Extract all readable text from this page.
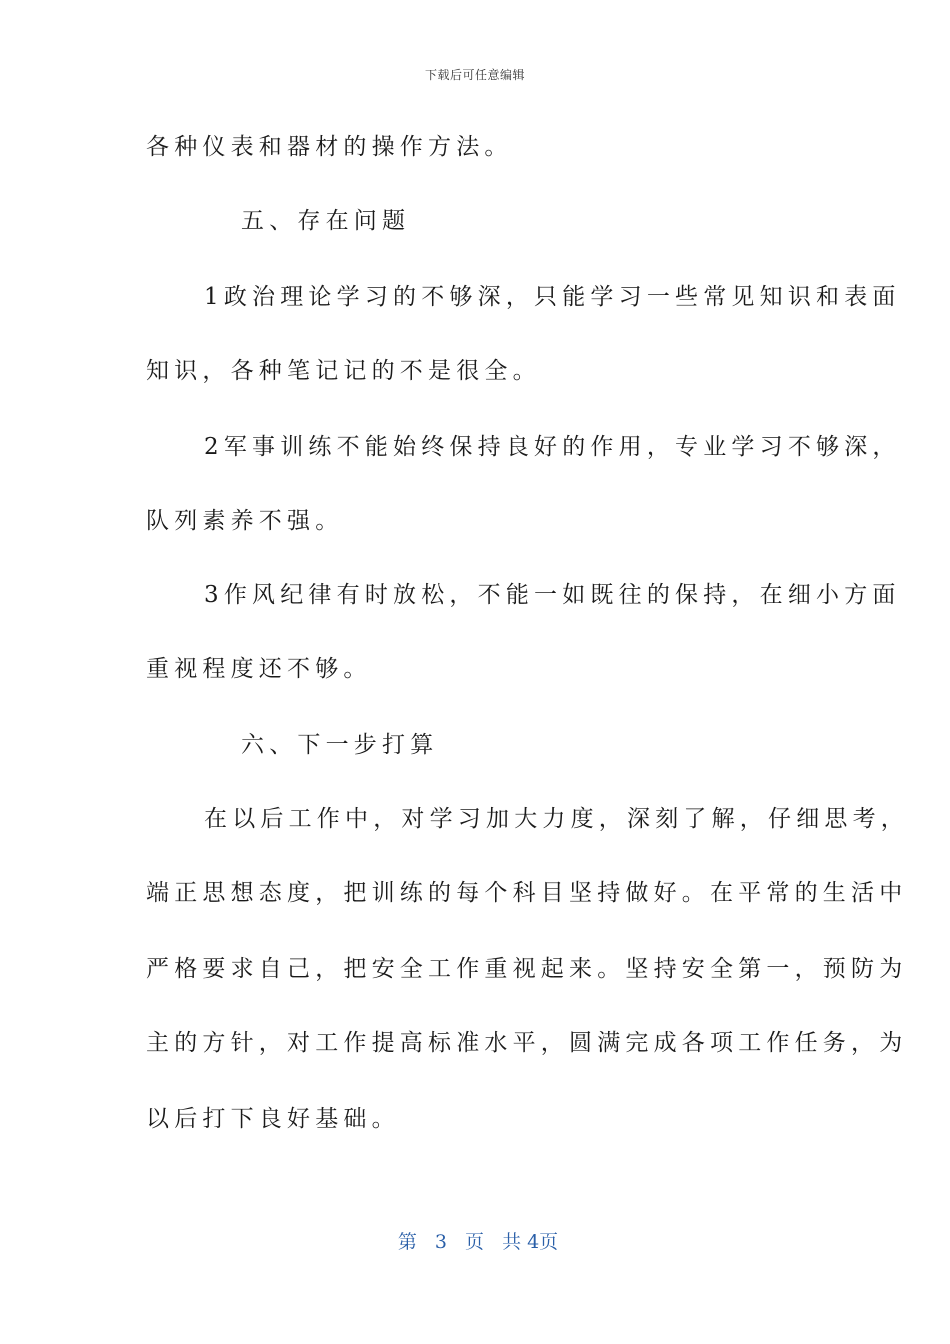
下载后可任意编辑
各种仪表和器材的操作方法。
五、存在问题
1政治理论学习的不够深，只能学习一些常见知识和表面
知识，各种笔记记的不是很全。
2军事训练不能始终保持良好的作用，专业学习不够深，
队列素养不强。
3作风纪律有时放松，不能一如既往的保持，在细小方面
重视程度还不够。
六、下一步打算
在以后工作中，对学习加大力度，深刻了解，仔细思考，
端正思想态度，把训练的每个科目坚持做好。在平常的生活中
严格要求自己，把安全工作重视起来。坚持安全第一，预防为
主的方针，对工作提高标准水平，圆满完成各项工作任务，为
以后打下良好基础。
第 3 页 共 4页
